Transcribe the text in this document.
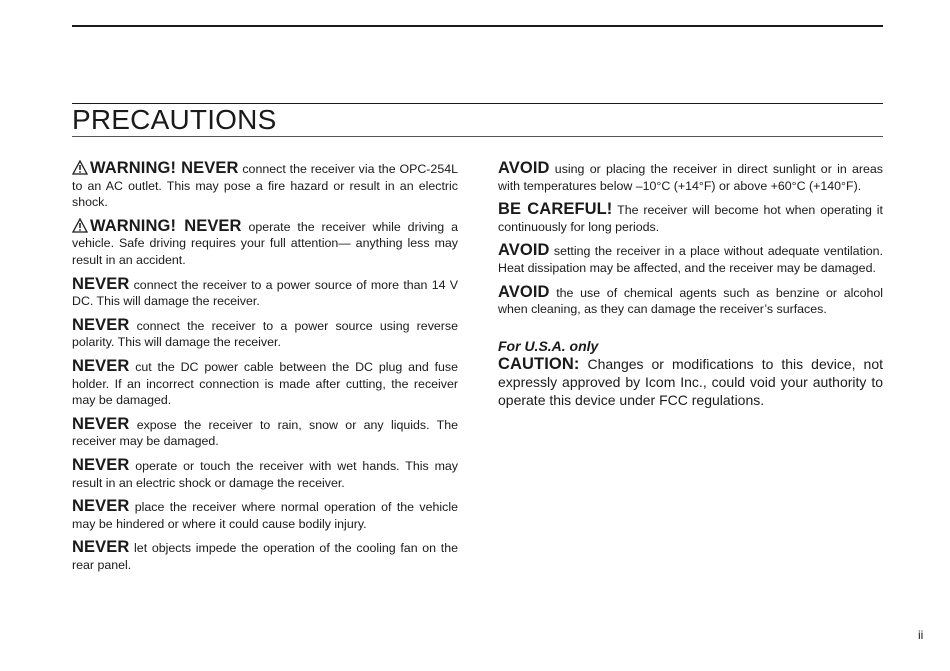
PRECAUTIONS

WARNING! NEVER connect the receiver via the OPC-254L to an AC outlet. This may pose a fire hazard or result in an electric shock.

WARNING! NEVER operate the receiver while driving a vehicle. Safe driving requires your full attention— anything less may result in an accident.

NEVER connect the receiver to a power source of more than 14 V DC. This will damage the receiver.

NEVER connect the receiver to a power source using reverse polarity. This will damage the receiver.

NEVER cut the DC power cable between the DC plug and fuse holder. If an incorrect connection is made after cutting, the receiver may be damaged.

NEVER expose the receiver to rain, snow or any liquids. The receiver may be damaged.

NEVER operate or touch the receiver with wet hands. This may result in an electric shock or damage the receiver.

NEVER place the receiver where normal operation of the vehicle may be hindered or where it could cause bodily injury.

NEVER let objects impede the operation of the cooling fan on the rear panel.

AVOID using or placing the receiver in direct sunlight or in areas with temperatures below –10°C (+14°F) or above +60°C (+140°F).

BE CAREFUL! The receiver will become hot when operating it continuously for long periods.

AVOID setting the receiver in a place without adequate ventilation. Heat dissipation may be affected, and the receiver may be damaged.

AVOID the use of chemical agents such as benzine or alcohol when cleaning, as they can damage the receiver’s surfaces.

For U.S.A. only

CAUTION: Changes or modifications to this device, not expressly approved by Icom Inc., could void your authority to operate this device under FCC regulations.

ii
